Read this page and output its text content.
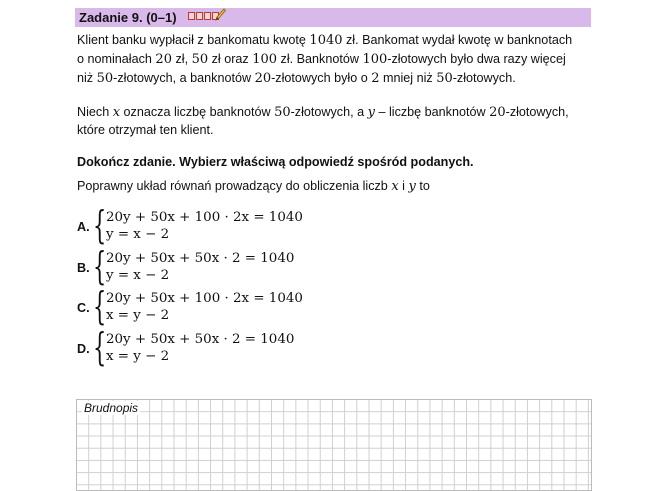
Zadanie 9. (0–1)
Klient banku wypłacił z bankomatu kwotę 1040 zł. Bankomat wydał kwotę w banknotach
o nominałach 20 zł, 50 zł oraz 100 zł. Banknotów 100-złotowych było dwa razy więcej
niż 50-złotowych, a banknotów 20-złotowych było o 2 mniej niż 50-złotowych.
Niech x oznacza liczbę banknotów 50-złotowych, a y – liczbę banknotów 20-złotowych,
które otrzymał ten klient.
Dokończ zdanie. Wybierz właściwą odpowiedź spośród podanych.
Poprawny układ równań prowadzący do obliczenia liczb x i y to
A. { 20y + 50x + 100 · 2x = 1040
y = x − 2
B. { 20y + 50x + 50x · 2 = 1040
y = x − 2
C. { 20y + 50x + 100 · 2x = 1040
x = y − 2
D. { 20y + 50x + 50x · 2 = 1040
x = y − 2
Brudnopis
